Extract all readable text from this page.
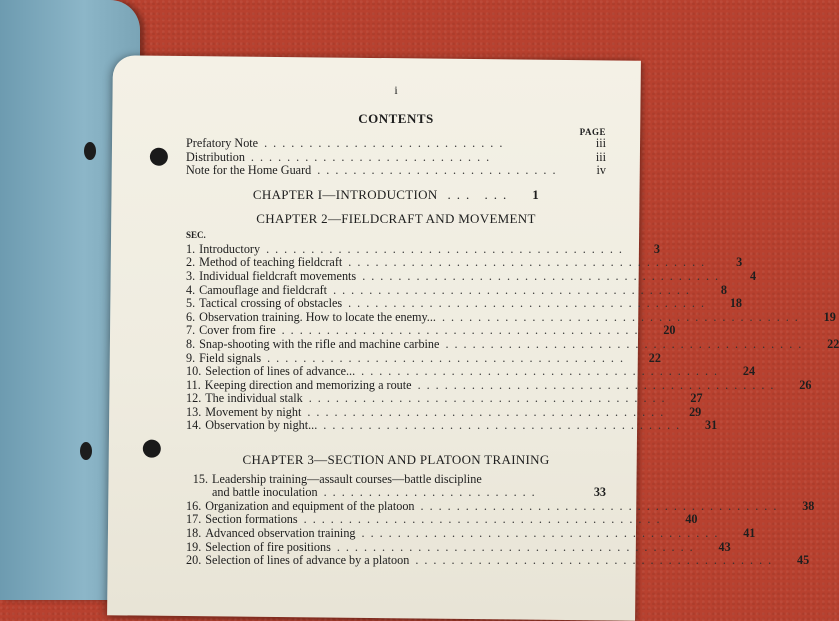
i
CONTENTS
PAGE
Prefatory Note ...........................	iii
Distribution ...........................	iii
Note for the Home Guard ...........................	iv
CHAPTER I—INTRODUCTION ... ... 1
CHAPTER 2—FIELDCRAFT AND MOVEMENT
SEC.
1. Introductory ........................................	3
2. Method of teaching fieldcraft ........................................	3
3. Individual fieldcraft movements ........................................	4
4. Camouflage and fieldcraft ........................................	8
5. Tactical crossing of obstacles ........................................	18
6. Observation training. How to locate the enemy... ........................................	19
7. Cover from fire ........................................	20
8. Snap-shooting with the rifle and machine carbine ........................................	22
9. Field signals ........................................	22
10. Selection of lines of advance... ........................................	24
11. Keeping direction and memorizing a route ........................................	26
12. The individual stalk ........................................	27
13. Movement by night ........................................	29
14. Observation by night... ........................................	31
CHAPTER 3—SECTION AND PLATOON TRAINING
15. Leadership training—assault courses—battle discipline
and battle inoculation ........................	33
16. Organization and equipment of the platoon ........................................	38
17. Section formations ........................................	40
18. Advanced observation training ........................................	41
19. Selection of fire positions ........................................	43
20. Selection of lines of advance by a platoon ........................................	45
